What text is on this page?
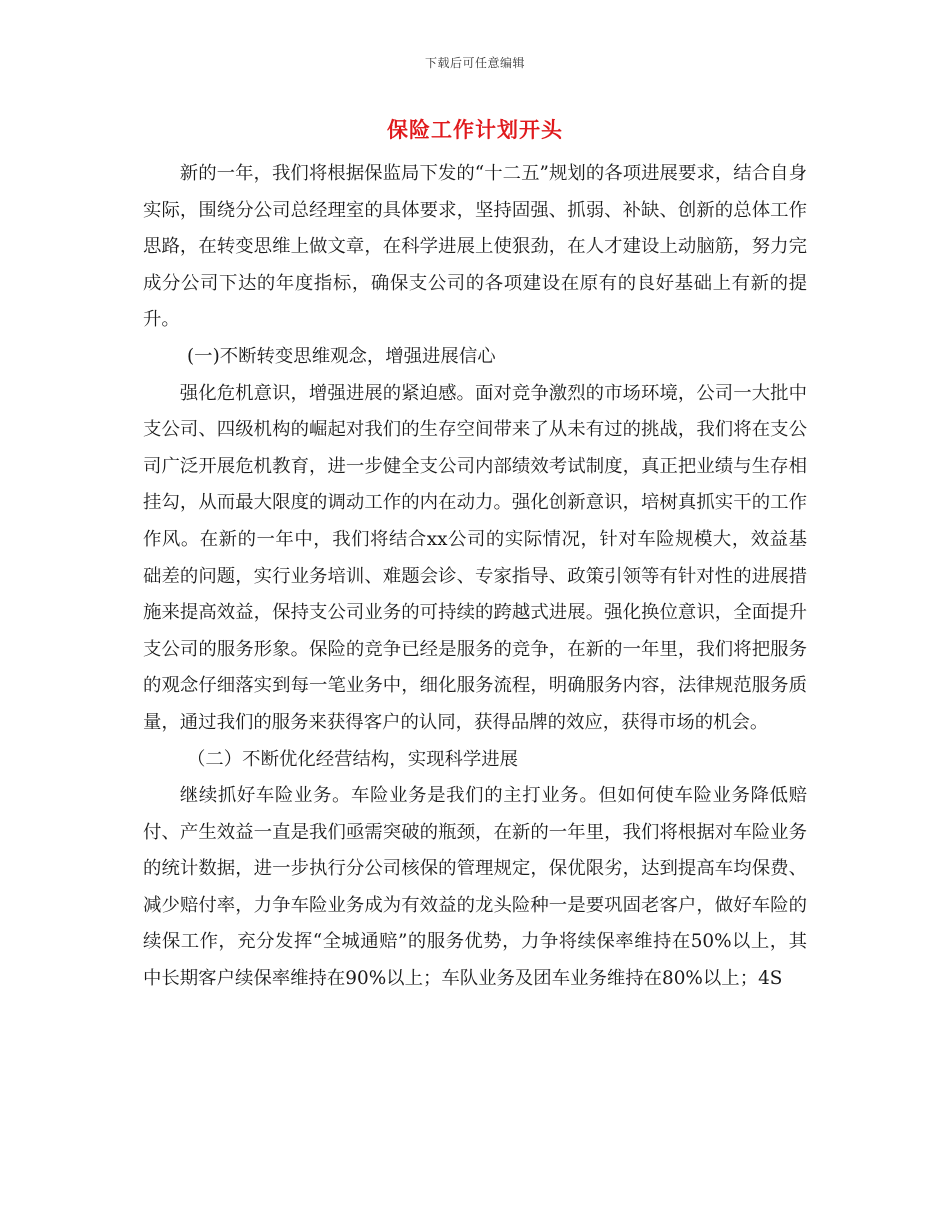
下载后可任意编辑
保险工作计划开头

新的一年，我们将根据保监局下发的“十二五”规划的各项进展要求，结合自身实际，围绕分公司总经理室的具体要求，坚持固强、抓弱、补缺、创新的总体工作思路，在转变思维上做文章，在科学进展上使狠劲，在人才建设上动脑筋，努力完成分公司下达的年度指标，确保支公司的各项建设在原有的良好基础上有新的提升。

(一)不断转变思维观念，增强进展信心

强化危机意识，增强进展的紧迫感。面对竞争激烈的市场环境，公司一大批中支公司、四级机构的崛起对我们的生存空间带来了从未有过的挑战，我们将在支公司广泛开展危机教育，进一步健全支公司内部绩效考试制度，真正把业绩与生存相挂勾，从而最大限度的调动工作的内在动力。强化创新意识，培树真抓实干的工作作风。在新的一年中，我们将结合xx公司的实际情况，针对车险规模大，效益基础差的问题，实行业务培训、难题会诊、专家指导、政策引领等有针对性的进展措施来提高效益，保持支公司业务的可持续的跨越式进展。强化换位意识，全面提升支公司的服务形象。保险的竞争已经是服务的竞争，在新的一年里，我们将把服务的观念仔细落实到每一笔业务中，细化服务流程，明确服务内容，法律规范服务质量，通过我们的服务来获得客户的认同，获得品牌的效应，获得市场的机会。

（二）不断优化经营结构，实现科学进展

继续抓好车险业务。车险业务是我们的主打业务。但如何使车险业务降低赔付、产生效益一直是我们亟需突破的瓶颈，在新的一年里，我们将根据对车险业务的统计数据，进一步执行分公司核保的管理规定，保优限劣，达到提高车均保费、减少赔付率，力争车险业务成为有效益的龙头险种一是要巩固老客户，做好车险的续保工作，充分发挥“全城通赔”的服务优势，力争将续保率维持在50%以上，其中长期客户续保率维持在90%以上；车队业务及团车业务维持在80%以上；4S
